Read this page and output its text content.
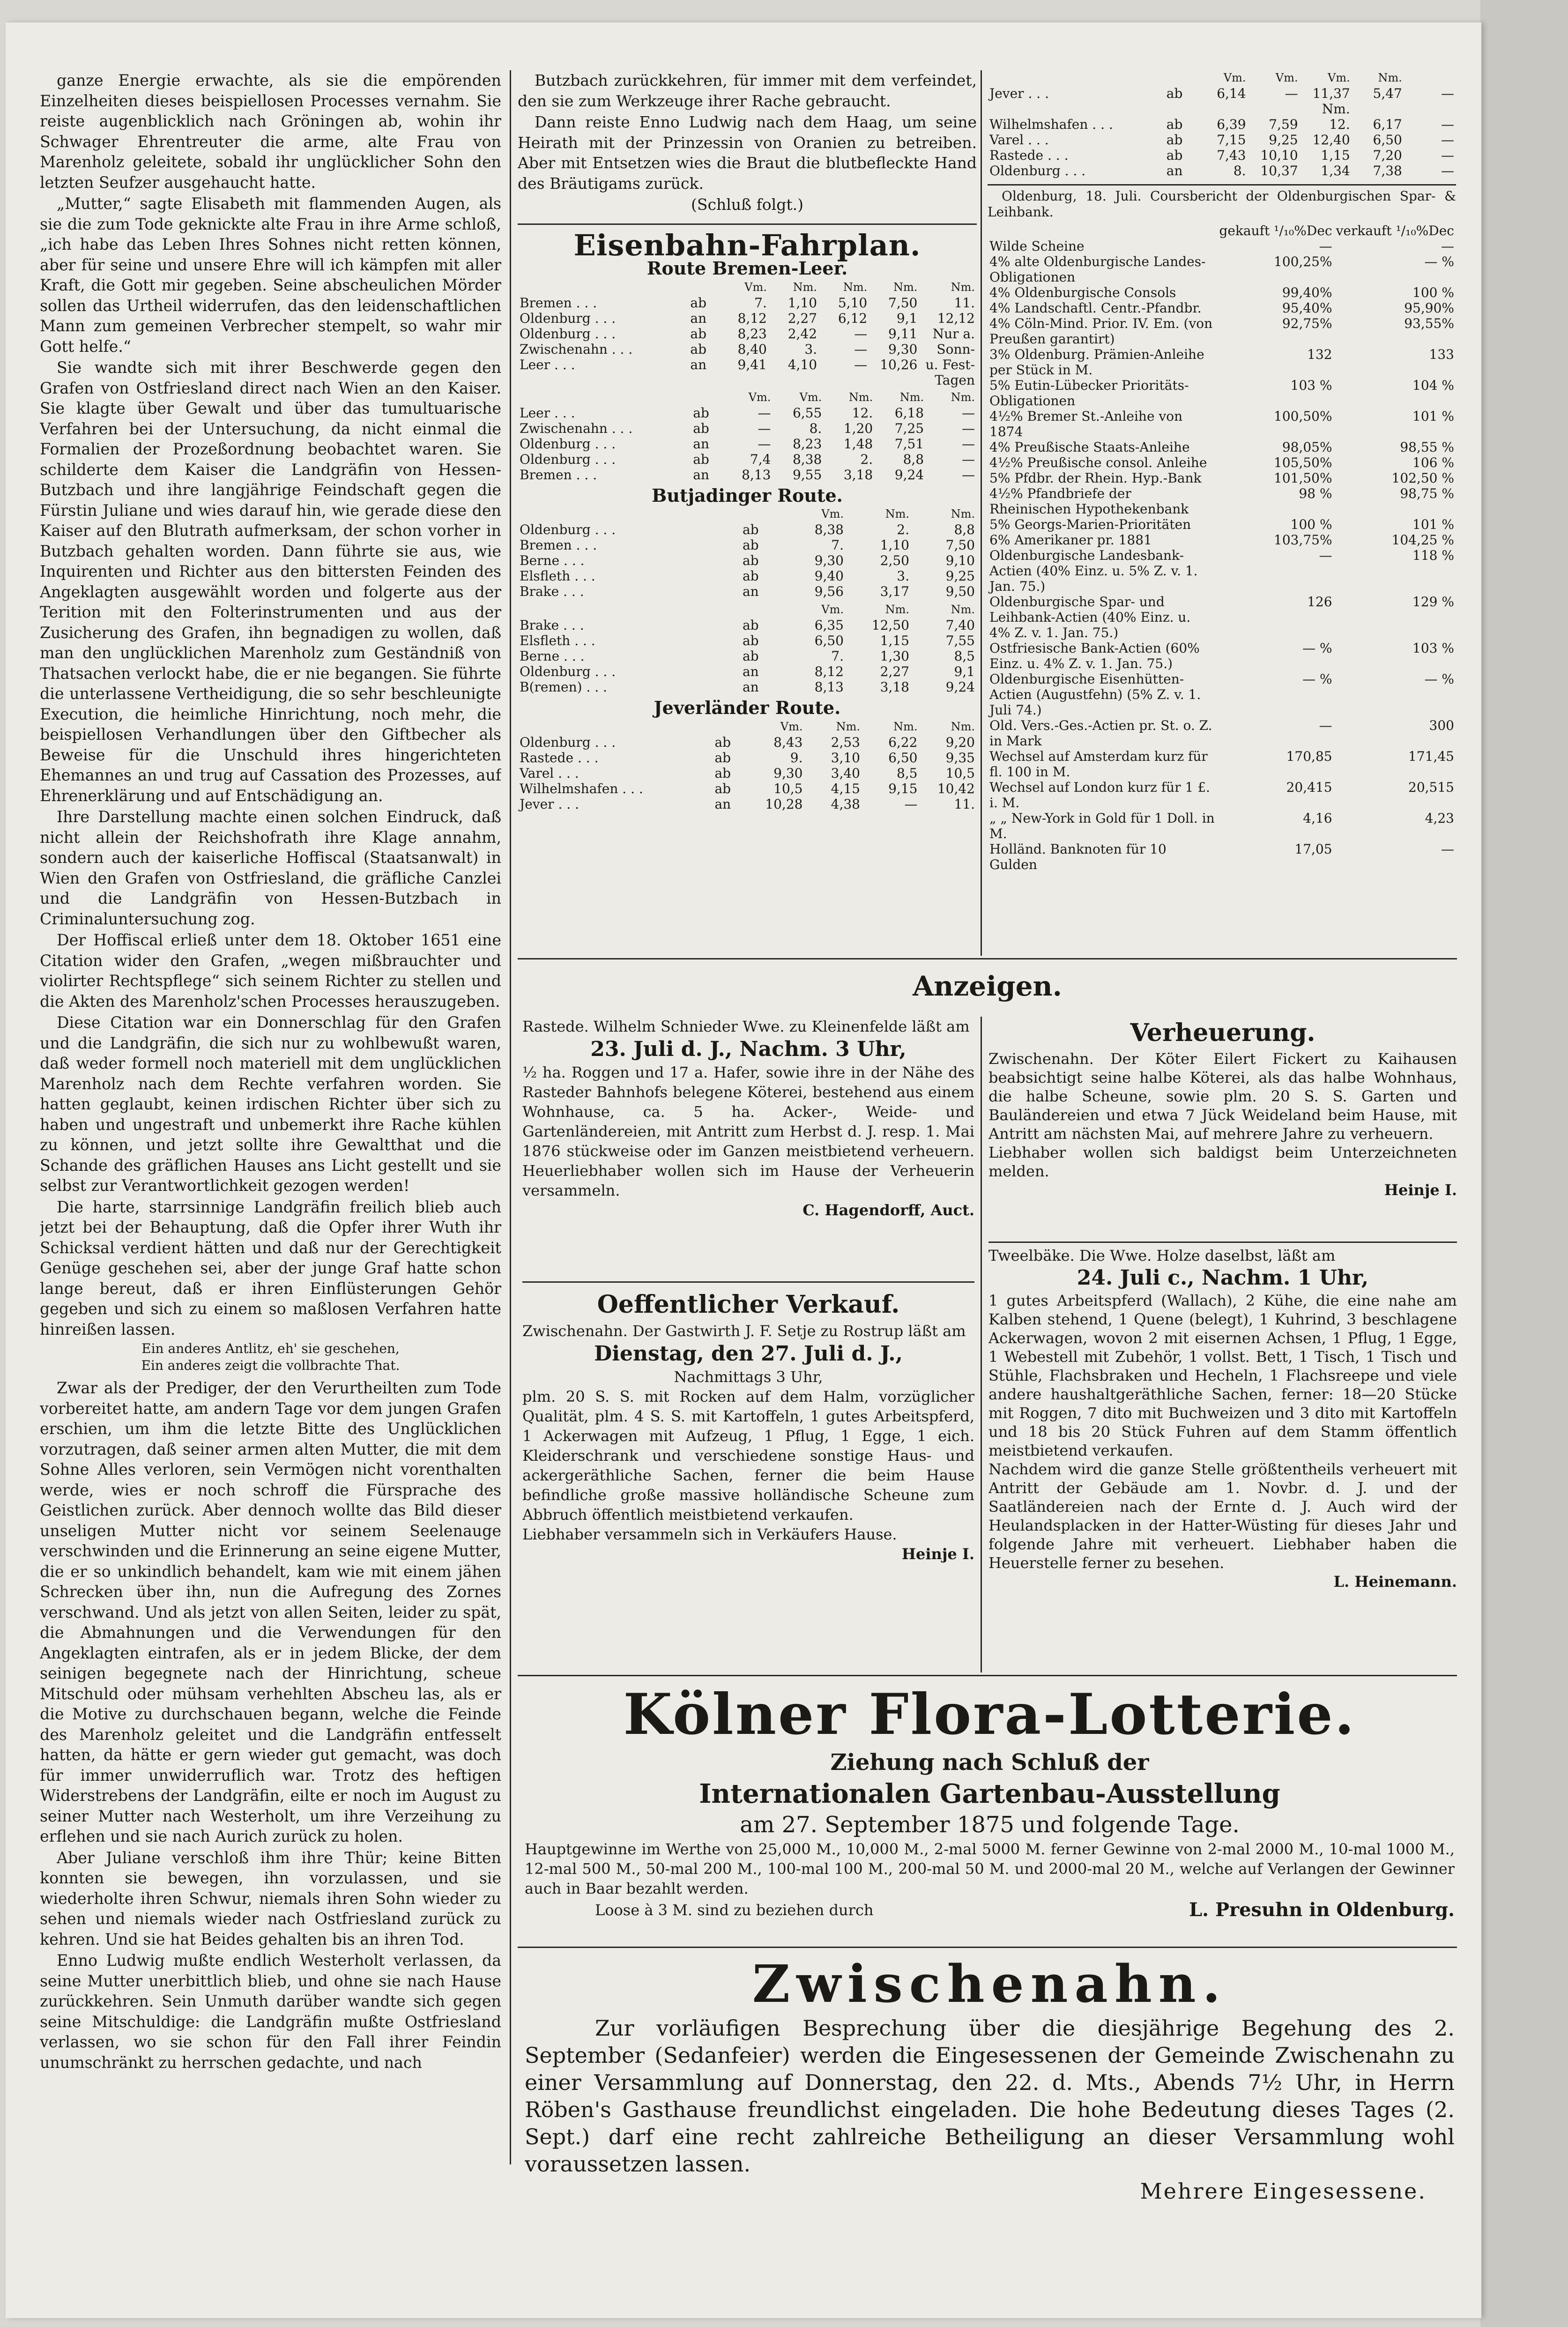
ganze Energie erwachte, als sie die empörenden Einzelheiten dieses beispiellosen Processes vernahm. Sie reiste augenblicklich nach Gröningen ab, wohin ihr Schwager Ehrentreuter die arme, alte Frau von Marenholz geleitete, sobald ihr unglücklicher Sohn den letzten Seufzer ausgehaucht hatte.

„Mutter,“ sagte Elisabeth mit flammenden Augen, als sie die zum Tode geknickte alte Frau in ihre Arme schloß, „ich habe das Leben Ihres Sohnes nicht retten können, aber für seine und unsere Ehre will ich kämpfen mit aller Kraft, die Gott mir gegeben. Seine abscheulichen Mörder sollen das Urtheil widerrufen, das den leidenschaftlichen Mann zum gemeinen Verbrecher stempelt, so wahr mir Gott helfe.“

Sie wandte sich mit ihrer Beschwerde gegen den Grafen von Ostfriesland direct nach Wien an den Kaiser. Sie klagte über Gewalt und über das tumultuarische Verfahren bei der Untersuchung, da nicht einmal die Formalien der Prozeßordnung beobachtet waren. Sie schilderte dem Kaiser die Landgräfin von Hessen-Butzbach und ihre langjährige Feindschaft gegen die Fürstin Juliane und wies darauf hin, wie gerade diese den Kaiser auf den Blutrath aufmerksam, der schon vorher in Butzbach gehalten worden. Dann führte sie aus, wie Inquirenten und Richter aus den bittersten Feinden des Angeklagten ausgewählt worden und folgerte aus der Terition mit den Folterinstrumenten und aus der Zusicherung des Grafen, ihn begnadigen zu wollen, daß man den unglücklichen Marenholz zum Geständniß von Thatsachen verlockt habe, die er nie begangen. Sie führte die unterlassene Vertheidigung, die so sehr beschleunigte Execution, die heimliche Hinrichtung, noch mehr, die beispiellosen Verhandlungen über den Giftbecher als Beweise für die Unschuld ihres hingerichteten Ehemannes an und trug auf Cassation des Prozesses, auf Ehrenerklärung und auf Entschädigung an.

Ihre Darstellung machte einen solchen Eindruck, daß nicht allein der Reichshofrath ihre Klage annahm, sondern auch der kaiserliche Hoffiscal (Staatsanwalt) in Wien den Grafen von Ostfriesland, die gräfliche Canzlei und die Landgräfin von Hessen-Butzbach in Criminaluntersuchung zog.

Der Hoffiscal erließ unter dem 18. Oktober 1651 eine Citation wider den Grafen, „wegen mißbrauchter und violirter Rechtspflege“ sich seinem Richter zu stellen und die Akten des Marenholz'schen Processes herauszugeben.

Diese Citation war ein Donnerschlag für den Grafen und die Landgräfin, die sich nur zu wohlbewußt waren, daß weder formell noch materiell mit dem unglücklichen Marenholz nach dem Rechte verfahren worden. Sie hatten geglaubt, keinen irdischen Richter über sich zu haben und ungestraft und unbemerkt ihre Rache kühlen zu können, und jetzt sollte ihre Gewaltthat und die Schande des gräflichen Hauses ans Licht gestellt und sie selbst zur Verantwortlichkeit gezogen werden!

Die harte, starrsinnige Landgräfin freilich blieb auch jetzt bei der Behauptung, daß die Opfer ihrer Wuth ihr Schicksal verdient hätten und daß nur der Gerechtigkeit Genüge geschehen sei, aber der junge Graf hatte schon lange bereut, daß er ihren Einflüsterungen Gehör gegeben und sich zu einem so maßlosen Verfahren hatte hinreißen lassen.

Ein anderes Antlitz, eh' sie geschehen,
Ein anderes zeigt die vollbrachte That.

Zwar als der Prediger, der den Verurtheilten zum Tode vorbereitet hatte, am andern Tage vor dem jungen Grafen erschien, um ihm die letzte Bitte des Unglücklichen vorzutragen, daß seiner armen alten Mutter, die mit dem Sohne Alles verloren, sein Vermögen nicht vorenthalten werde, wies er noch schroff die Fürsprache des Geistlichen zurück. Aber dennoch wollte das Bild dieser unseligen Mutter nicht vor seinem Seelenauge verschwinden und die Erinnerung an seine eigene Mutter, die er so unkindlich behandelt, kam wie mit einem jähen Schrecken über ihn, nun die Aufregung des Zornes verschwand. Und als jetzt von allen Seiten, leider zu spät, die Abmahnungen und die Verwendungen für den Angeklagten eintrafen, als er in jedem Blicke, der dem seinigen begegnete nach der Hinrichtung, scheue Mitschuld oder mühsam verhehlten Abscheu las, als er die Motive zu durchschauen begann, welche die Feinde des Marenholz geleitet und die Landgräfin entfesselt hatten, da hätte er gern wieder gut gemacht, was doch für immer unwiderruflich war. Trotz des heftigen Widerstrebens der Landgräfin, eilte er noch im August zu seiner Mutter nach Westerholt, um ihre Verzeihung zu erflehen und sie nach Aurich zurück zu holen.

Aber Juliane verschloß ihm ihre Thür; keine Bitten konnten sie bewegen, ihn vorzulassen, und sie wiederholte ihren Schwur, niemals ihren Sohn wieder zu sehen und niemals wieder nach Ostfriesland zurück zu kehren. Und sie hat Beides gehalten bis an ihren Tod.

Enno Ludwig mußte endlich Westerholt verlassen, da seine Mutter unerbittlich blieb, und ohne sie nach Hause zurückkehren. Sein Unmuth darüber wandte sich gegen seine Mitschuldige: die Landgräfin mußte Ostfriesland verlassen, wo sie schon für den Fall ihrer Feindin unumschränkt zu herrschen gedachte, und nach

Butzbach zurückkehren, für immer mit dem verfeindet, den sie zum Werkzeuge ihrer Rache gebraucht.

Dann reiste Enno Ludwig nach dem Haag, um seine Heirath mit der Prinzessin von Oranien zu betreiben. Aber mit Entsetzen wies die Braut die blutbefleckte Hand des Bräutigams zurück.

(Schluß folgt.)
Eisenbahn-Fahrplan.
Route Bremen-Leer.
		Vm.	Nm.	Nm.	Nm.	Nm.
Bremen . . .	ab	7.	1,10	5,10	7,50	11.
Oldenburg . . .	an	8,12	2,27	6,12	9,1	12,12
Oldenburg . . .	ab	8,23	2,42	—	9,11	Nur a.
Zwischenahn . . .	ab	8,40	3.	—	9,30	Sonn-
Leer . . .	an	9,41	4,10	—	10,26	u. Fest-
						Tagen
		Vm.	Vm.	Nm.	Nm.	Nm.
Leer . . .	ab	—	6,55	12.	6,18	—
Zwischenahn . . .	ab	—	8.	1,20	7,25	—
Oldenburg . . .	an	—	8,23	1,48	7,51	—
Oldenburg . . .	ab	7,4	8,38	2.	8,8	—
Bremen . . .	an	8,13	9,55	3,18	9,24	—
Butjadinger Route.
		Vm.	Nm.	Nm.
Oldenburg . . .	ab	8,38	2.	8,8
Bremen . . .	ab	7.	1,10	7,50
Berne . . .	ab	9,30	2,50	9,10
Elsfleth . . .	ab	9,40	3.	9,25
Brake . . .	an	9,56	3,17	9,50
		Vm.	Nm.	Nm.
Brake . . .	ab	6,35	12,50	7,40
Elsfleth . . .	ab	6,50	1,15	7,55
Berne . . .	ab	7.	1,30	8,5
Oldenburg . . .	an	8,12	2,27	9,1
B(remen) . . .	an	8,13	3,18	9,24
Jeverländer Route.
		Vm.	Nm.	Nm.	Nm.
Oldenburg . . .	ab	8,43	2,53	6,22	9,20
Rastede . . .	ab	9.	3,10	6,50	9,35
Varel . . .	ab	9,30	3,40	8,5	10,5
Wilhelmshafen . . .	ab	10,5	4,15	9,15	10,42
Jever . . .	an	10,28	4,38	—	11.
		Vm.	Vm.	Vm.	Nm.	
Jever . . .	ab	6,14	—	11,37	5,47	—
				Nm.		
Wilhelmshafen . . .	ab	6,39	7,59	12.	6,17	—
Varel . . .	ab	7,15	9,25	12,40	6,50	—
Rastede . . .	ab	7,43	10,10	1,15	7,20	—
Oldenburg . . .	an	8.	10,37	1,34	7,38	—
Oldenburg, 18. Juli. Coursbericht der Oldenburgischen Spar- & Leihbank.
	gekauft ¹/₁₀%Dec	verkauft ¹/₁₀%Dec
Wilde Scheine	—	—
4% alte Oldenburgische Landes-Obligationen	100,25%	— %
4% Oldenburgische Consols	99,40%	100 %
4% Landschaftl. Centr.-Pfandbr.	95,40%	95,90%
4% Cöln-Mind. Prior. IV. Em. (von Preußen garantirt)	92,75%	93,55%
3% Oldenburg. Prämien-Anleihe per Stück in M.	132	133
5% Eutin-Lübecker Prioritäts-Obligationen	103 %	104 %
4½% Bremer St.-Anleihe von 1874	100,50%	101 %
4% Preußische Staats-Anleihe	98,05%	98,55 %
4½% Preußische consol. Anleihe	105,50%	106 %
5% Pfdbr. der Rhein. Hyp.-Bank	101,50%	102,50 %
4½% Pfandbriefe der Rheinischen Hypothekenbank	98 %	98,75 %
5% Georgs-Marien-Prioritäten	100 %	101 %
6% Amerikaner pr. 1881	103,75%	104,25 %
Oldenburgische Landesbank-Actien (40% Einz. u. 5% Z. v. 1. Jan. 75.)	—	118 %
Oldenburgische Spar- und Leihbank-Actien (40% Einz. u. 4% Z. v. 1. Jan. 75.)	126	129 %
Ostfriesische Bank-Actien (60% Einz. u. 4% Z. v. 1. Jan. 75.)	— %	103 %
Oldenburgische Eisenhütten-Actien (Augustfehn) (5% Z. v. 1. Juli 74.)	— %	— %
Old. Vers.-Ges.-Actien pr. St. o. Z. in Mark	—	300
Wechsel auf Amsterdam kurz für fl. 100 in M.	170,85	171,45
Wechsel auf London kurz für 1 £. i. M.	20,415	20,515
„ „ New-York in Gold für 1 Doll. in M.	4,16	4,23
Holländ. Banknoten für 10 Gulden	17,05	—
Anzeigen.

Rastede. Wilhelm Schnieder Wwe. zu Kleinenfelde läßt am

23. Juli d. J., Nachm. 3 Uhr,

½ ha. Roggen und 17 a. Hafer, sowie ihre in der Nähe des Rasteder Bahnhofs belegene Köterei, bestehend aus einem Wohnhause, ca. 5 ha. Acker-, Weide- und Gartenländereien, mit Antritt zum Herbst d. J. resp. 1. Mai 1876 stückweise oder im Ganzen meistbietend verheuern. Heuerliebhaber wollen sich im Hause der Verheuerin versammeln.

C. Hagendorff, Auct.
Oeffentlicher Verkauf.

Zwischenahn. Der Gastwirth J. F. Setje zu Rostrup läßt am

Dienstag, den 27. Juli d. J.,
Nachmittags 3 Uhr,

plm. 20 S. S. mit Rocken auf dem Halm, vorzüglicher Qualität, plm. 4 S. S. mit Kartoffeln, 1 gutes Arbeitspferd, 1 Ackerwagen mit Aufzeug, 1 Pflug, 1 Egge, 1 eich. Kleiderschrank und verschiedene sonstige Haus- und ackergeräthliche Sachen, ferner die beim Hause befindliche große massive holländische Scheune zum Abbruch öffentlich meistbietend verkaufen.

Liebhaber versammeln sich in Verkäufers Hause.

Heinje I.
Verheuerung.

Zwischenahn. Der Köter Eilert Fickert zu Kaihausen beabsichtigt seine halbe Köterei, als das halbe Wohnhaus, die halbe Scheune, sowie plm. 20 S. S. Garten und Bauländereien und etwa 7 Jück Weideland beim Hause, mit Antritt am nächsten Mai, auf mehrere Jahre zu verheuern.

Liebhaber wollen sich baldigst beim Unterzeichneten melden.

Heinje I.

Tweelbäke. Die Wwe. Holze daselbst, läßt am

24. Juli c., Nachm. 1 Uhr,

1 gutes Arbeitspferd (Wallach), 2 Kühe, die eine nahe am Kalben stehend, 1 Quene (belegt), 1 Kuhrind, 3 beschlagene Ackerwagen, wovon 2 mit eisernen Achsen, 1 Pflug, 1 Egge, 1 Webestell mit Zubehör, 1 vollst. Bett, 1 Tisch, 1 Tisch und Stühle, Flachsbraken und Hecheln, 1 Flachsreepe und viele andere haushaltgeräthliche Sachen, ferner: 18—20 Stücke mit Roggen, 7 dito mit Buchweizen und 3 dito mit Kartoffeln und 18 bis 20 Stück Fuhren auf dem Stamm öffentlich meistbietend verkaufen.

Nachdem wird die ganze Stelle größtentheils verheuert mit Antritt der Gebäude am 1. Novbr. d. J. und der Saatländereien nach der Ernte d. J. Auch wird der Heulandsplacken in der Hatter-Wüsting für dieses Jahr und folgende Jahre mit verheuert. Liebhaber haben die Heuerstelle ferner zu besehen.

L. Heinemann.
Kölner Flora-Lotterie.
Ziehung nach Schluß der
Internationalen Gartenbau-Ausstellung
am 27. September 1875 und folgende Tage.

Hauptgewinne im Werthe von 25,000 M., 10,000 M., 2-mal 5000 M. ferner Gewinne von 2-mal 2000 M., 10-mal 1000 M., 12-mal 500 M., 50-mal 200 M., 100-mal 100 M., 200-mal 50 M. und 2000-mal 20 M., welche auf Verlangen der Gewinner auch in Baar bezahlt werden.

Loose à 3 M. sind zu beziehen durch	L. Presuhn in Oldenburg.
Zwischenahn.

Zur vorläufigen Besprechung über die diesjährige Begehung des 2. September (Sedanfeier) werden die Eingesessenen der Gemeinde Zwischenahn zu einer Versammlung auf Donnerstag, den 22. d. Mts., Abends 7½ Uhr, in Herrn Röben's Gasthause freundlichst eingeladen. Die hohe Bedeutung dieses Tages (2. Sept.) darf eine recht zahlreiche Betheiligung an dieser Versammlung wohl voraussetzen lassen.

Mehrere Eingesessene.
